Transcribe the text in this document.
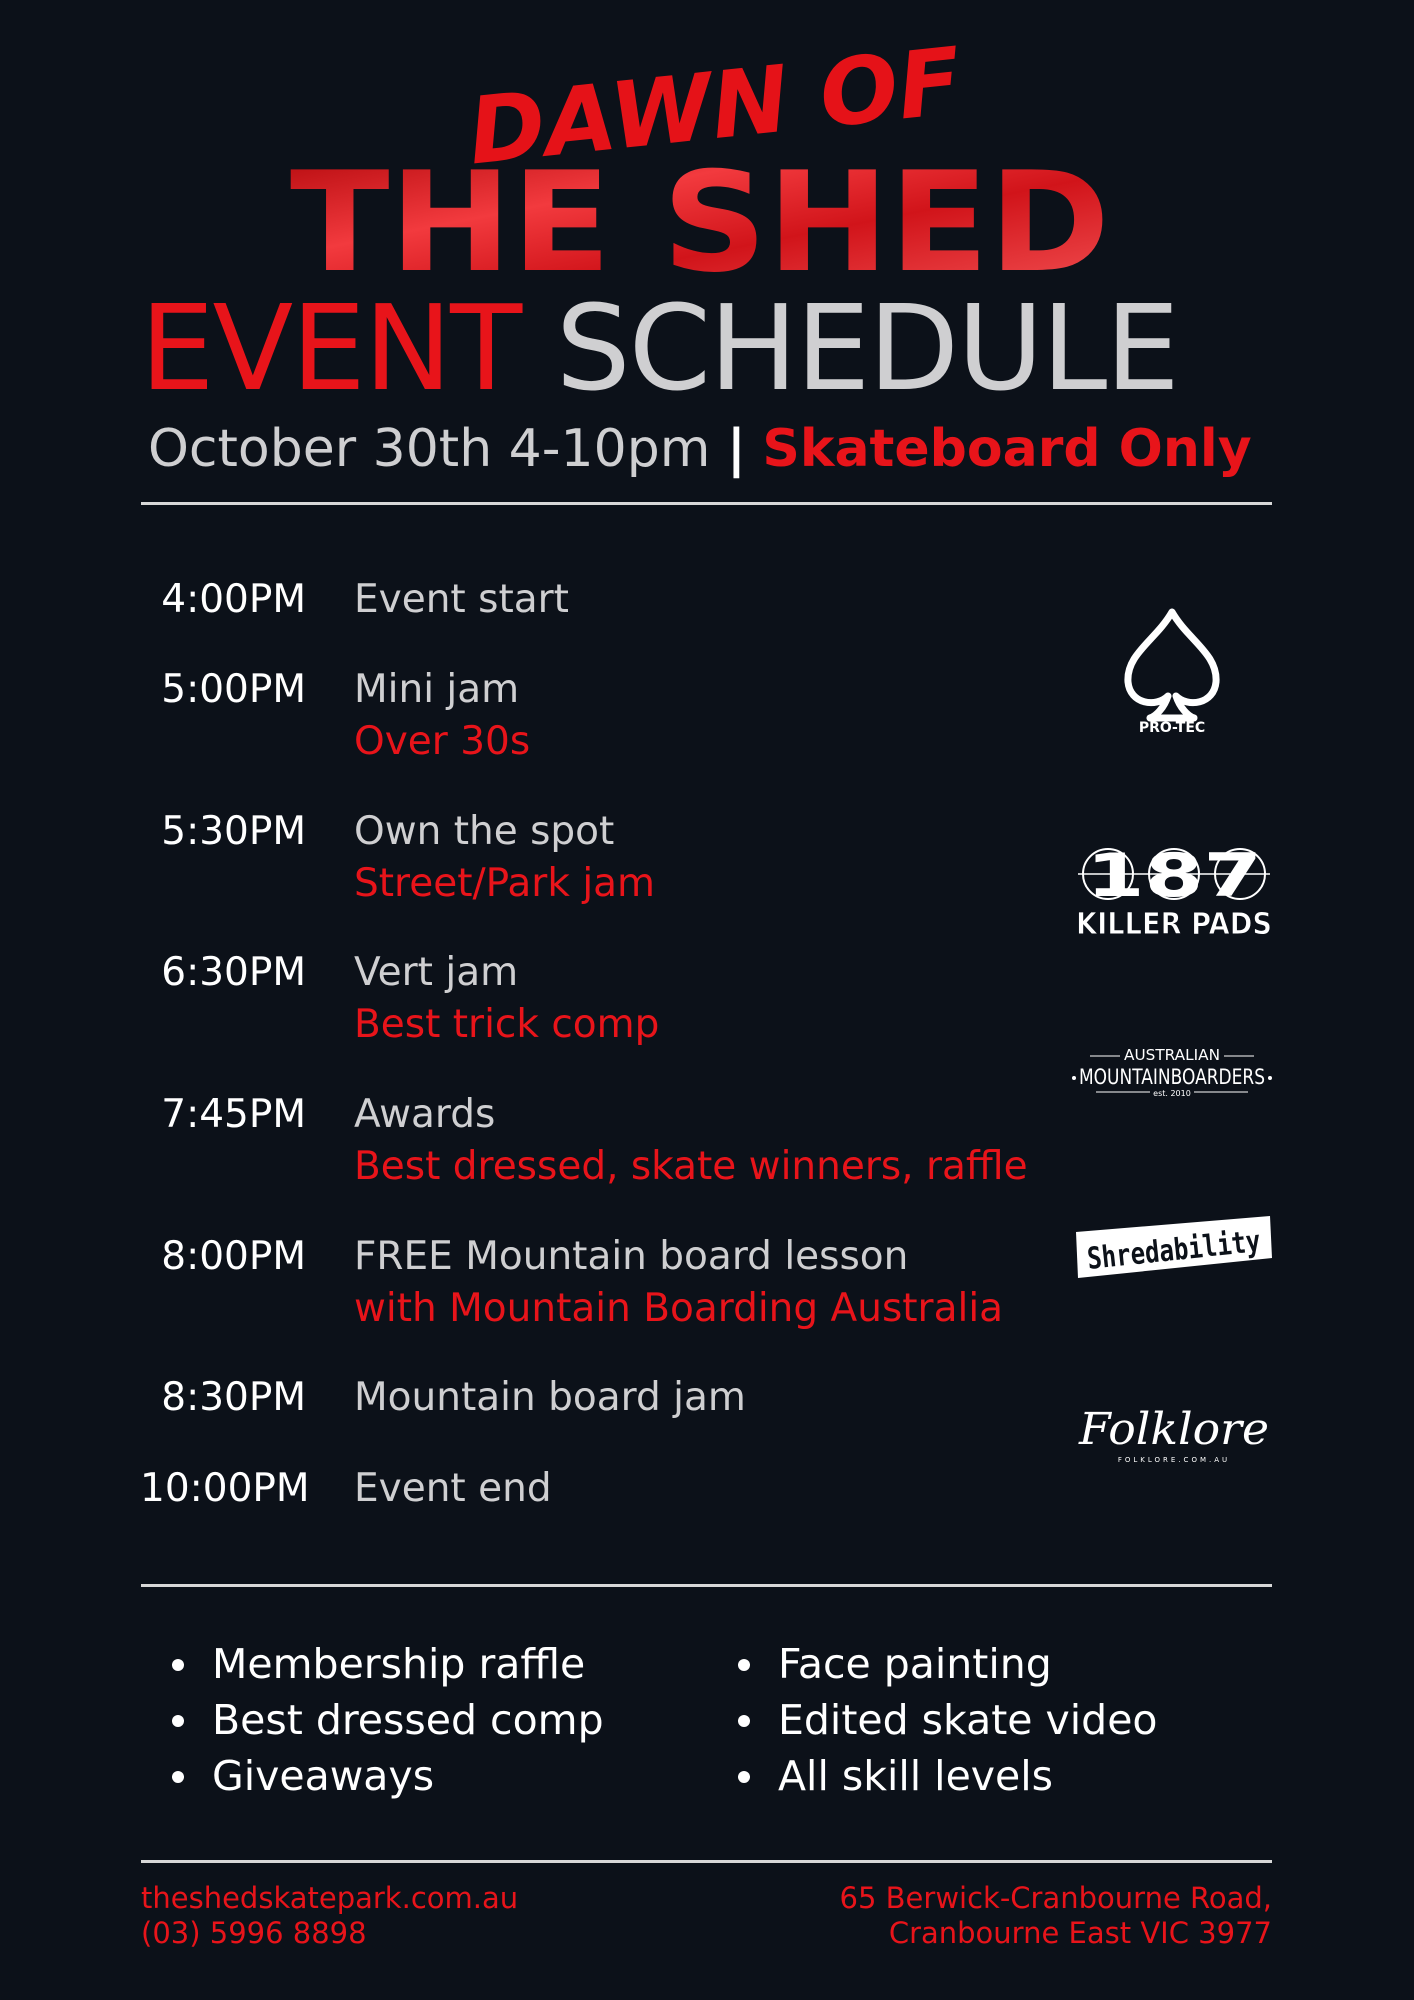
DAWN OF
THE SHED
EVENT SCHEDULE
October 30th 4-10pm | Skateboard Only
4:00PM Event start
5:00PM Mini jam
Over 30s
5:30PM Own the spot
Street/Park jam
6:30PM Vert jam
Best trick comp
7:45PM Awards
Best dressed, skate winners, raffle
8:00PM FREE Mountain board lesson
with Mountain Boarding Australia
8:30PM Mountain board jam
10:00PM Event end
PRO-TEC
187
KILLER PADS
AUSTRALIAN
MOUNTAINBOARDERS
est. 2010
Shredability
Folklore
FOLKLORE.COM.AU
Membership raffle
Best dressed comp
Giveaways
Face painting
Edited skate video
All skill levels
theshedskatepark.com.au
(03) 5996 8898
65 Berwick-Cranbourne Road,
Cranbourne East VIC 3977
